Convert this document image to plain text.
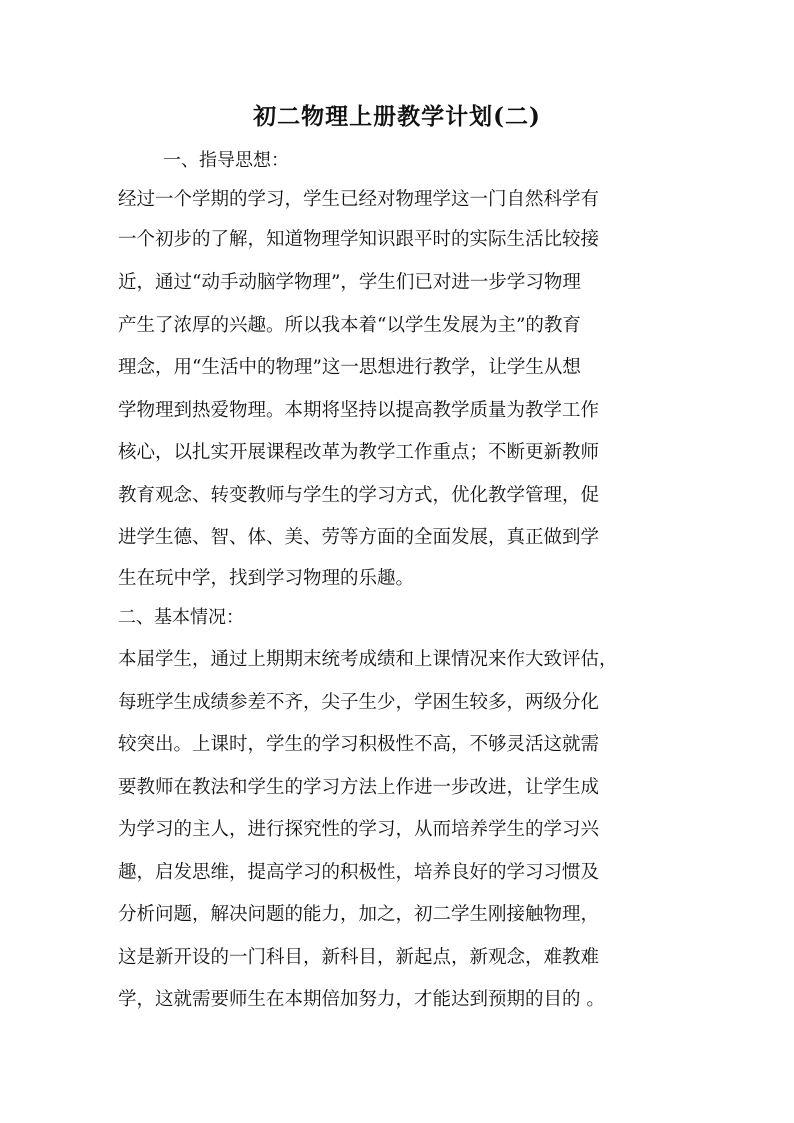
初二物理上册教学计划(二)
一、指导思想：
经过一个学期的学习，学生已经对物理学这一门自然科学有
一个初步的了解，知道物理学知识跟平时的实际生活比较接
近，通过“动手动脑学物理”，学生们已对进一步学习物理
产生了浓厚的兴趣。所以我本着“以学生发展为主”的教育
理念，用“生活中的物理”这一思想进行教学，让学生从想
学物理到热爱物理。本期将坚持以提高教学质量为教学工作
核心，以扎实开展课程改革为教学工作重点；不断更新教师
教育观念、转变教师与学生的学习方式，优化教学管理，促
进学生德、智、体、美、劳等方面的全面发展，真正做到学
生在玩中学，找到学习物理的乐趣。
二、基本情况：
本届学生，通过上期期末统考成绩和上课情况来作大致评估，
每班学生成绩参差不齐，尖子生少，学困生较多，两级分化
较突出。上课时，学生的学习积极性不高，不够灵活这就需
要教师在教法和学生的学习方法上作进一步改进，让学生成
为学习的主人，进行探究性的学习，从而培养学生的学习兴
趣，启发思维，提高学习的积极性，培养良好的学习习惯及
分析问题，解决问题的能力，加之，初二学生刚接触物理，
这是新开设的一门科目，新科目，新起点，新观念，难教难
学，这就需要师生在本期倍加努力，才能达到预期的目的 。
